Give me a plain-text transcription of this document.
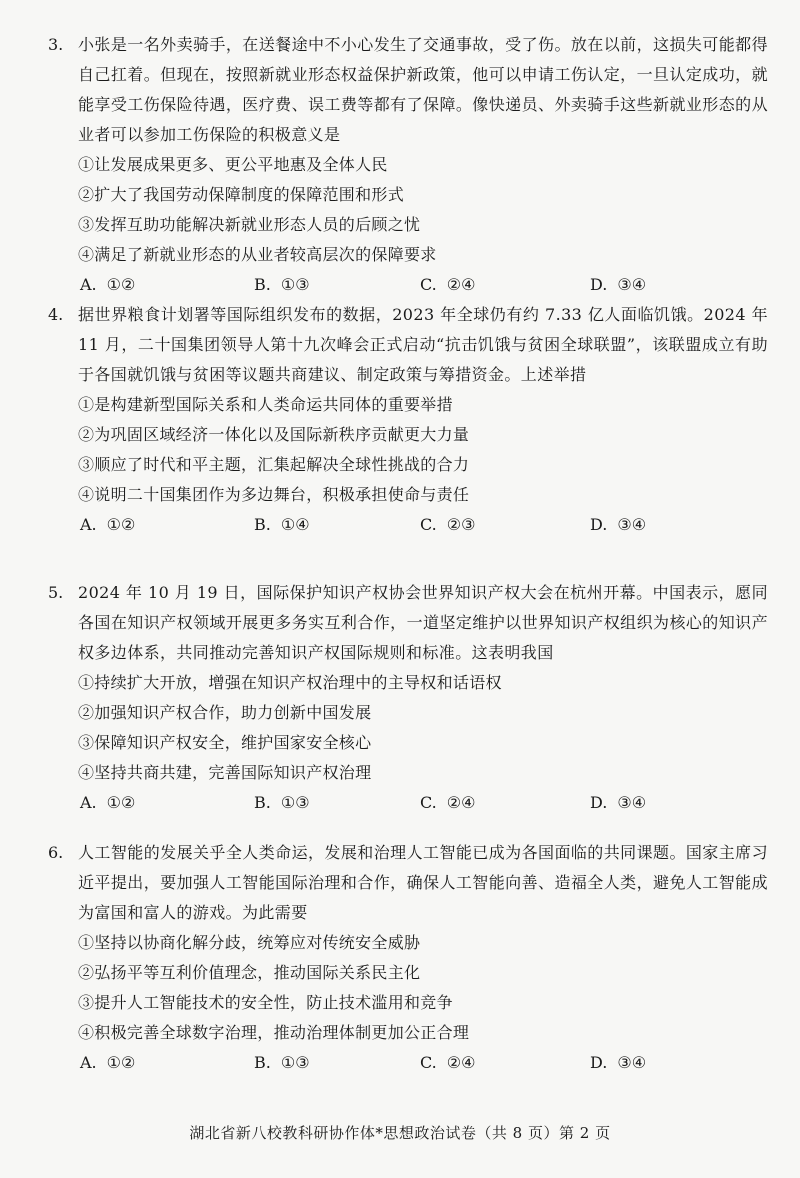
3. 小张是一名外卖骑手，在送餐途中不小心发生了交通事故，受了伤。放在以前，这损失可能都得自己扛着。但现在，按照新就业形态权益保护新政策，他可以申请工伤认定，一旦认定成功，就能享受工伤保险待遇，医疗费、误工费等都有了保障。像快递员、外卖骑手这些新就业形态的从业者可以参加工伤保险的积极意义是
①让发展成果更多、更公平地惠及全体人民
②扩大了我国劳动保障制度的保障范围和形式
③发挥互助功能解决新就业形态人员的后顾之忧
④满足了新就业形态的从业者较高层次的保障要求
A. ①②	B. ①③	C. ②④	D. ③④
4. 据世界粮食计划署等国际组织发布的数据，2023 年全球仍有约 7.33 亿人面临饥饿。2024 年 11 月，二十国集团领导人第十九次峰会正式启动“抗击饥饿与贫困全球联盟”，该联盟成立有助于各国就饥饿与贫困等议题共商建议、制定政策与筹措资金。上述举措
①是构建新型国际关系和人类命运共同体的重要举措
②为巩固区域经济一体化以及国际新秩序贡献更大力量
③顺应了时代和平主题，汇集起解决全球性挑战的合力
④说明二十国集团作为多边舞台，积极承担使命与责任
A. ①②	B. ①④	C. ②③	D. ③④
5. 2024 年 10 月 19 日，国际保护知识产权协会世界知识产权大会在杭州开幕。中国表示，愿同各国在知识产权领域开展更多务实互利合作，一道坚定维护以世界知识产权组织为核心的知识产权多边体系，共同推动完善知识产权国际规则和标准。这表明我国
①持续扩大开放，增强在知识产权治理中的主导权和话语权
②加强知识产权合作，助力创新中国发展
③保障知识产权安全，维护国家安全核心
④坚持共商共建，完善国际知识产权治理
A. ①②	B. ①③	C. ②④	D. ③④
6. 人工智能的发展关乎全人类命运，发展和治理人工智能已成为各国面临的共同课题。国家主席习近平提出，要加强人工智能国际治理和合作，确保人工智能向善、造福全人类，避免人工智能成为富国和富人的游戏。为此需要
①坚持以协商化解分歧，统筹应对传统安全威胁
②弘扬平等互利价值理念，推动国际关系民主化
③提升人工智能技术的安全性，防止技术滥用和竞争
④积极完善全球数字治理，推动治理体制更加公正合理
A. ①②	B. ①③	C. ②④	D. ③④
湖北省新八校教科研协作体*思想政治试卷（共 8 页）第 2 页
